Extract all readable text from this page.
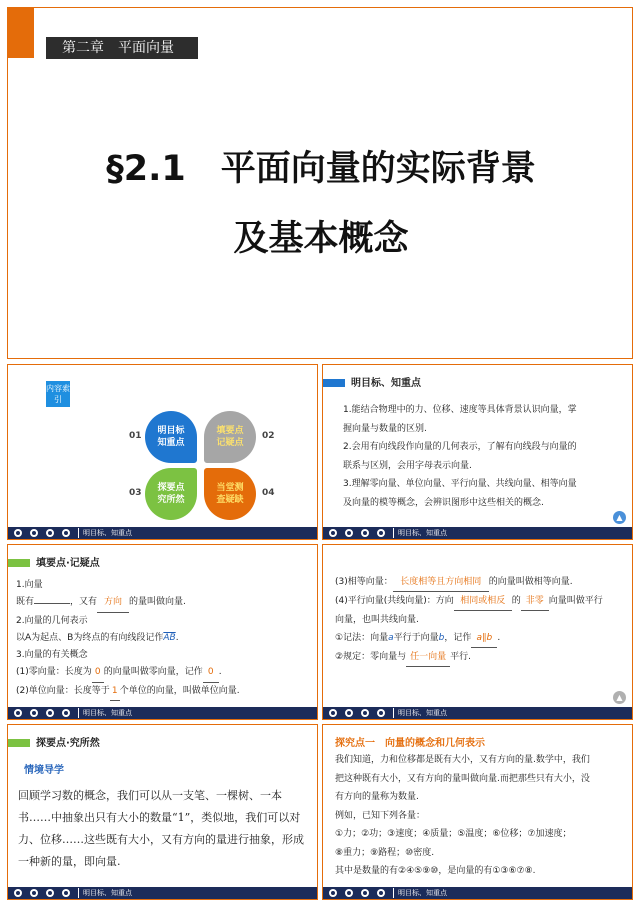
第二章　平面向量
§2.1　平面向量的实际背景
及基本概念
内容索引
01	02
03	04
明目标知重点
填要点记疑点
探要点究所然
当堂测查疑缺
明目标、知重点
明目标、知重点

1.能结合物理中的力、位移、速度等具体背景认识向量，掌

握向量与数量的区别.

2.会用有向线段作向量的几何表示，了解有向线段与向量的

联系与区别，会用字母表示向量.

3.理解零向量、单位向量、平行向量、共线向量、相等向量

及向量的模等概念，会辨识图形中这些相关的概念.

▲
明目标、知重点
填要点·记疑点

1.向量

既有	，又有 方向 的量叫做向量.

2.向量的几何表示

以A为起点、B为终点的有向线段记作$\overline{AB}$.

3.向量的有关概念

(1)零向量：长度为 0 的向量叫做零向量，记作 0 .

(2)单位向量：长度等于 1 个单位的向量，叫做单位向量.

明目标、知重点

(3)相等向量： 长度相等且方向相同 的向量叫做相等向量.

(4)平行向量(共线向量)：方向 相同或相反 的 非零 向量叫做平行

向量，也叫共线向量.

①记法：向量a平行于向量b，记作 a∥b .

②规定：零向量与 任一向量 平行.

▲
明目标、知重点
探要点·究所然
情境导学
回顾学习数的概念，我们可以从一支笔、一棵树、一本书……中抽象出只有大小的数量“1”，类似地，我们可以对力、位移……这些既有大小，又有方向的量进行抽象，形成一种新的量，即向量.
明目标、知重点
探究点一　向量的概念和几何表示

我们知道，力和位移都是既有大小，又有方向的量.数学中，我们

把这种既有大小，又有方向的量叫做向量.而把那些只有大小，没

有方向的量称为数量.

例如，已知下列各量：

①力；②功；③速度；④质量；⑤温度；⑥位移；⑦加速度；

⑧重力；⑨路程；⑩密度.

其中是数量的有②④⑤⑨⑩，是向量的有①③⑥⑦⑧.

明目标、知重点
